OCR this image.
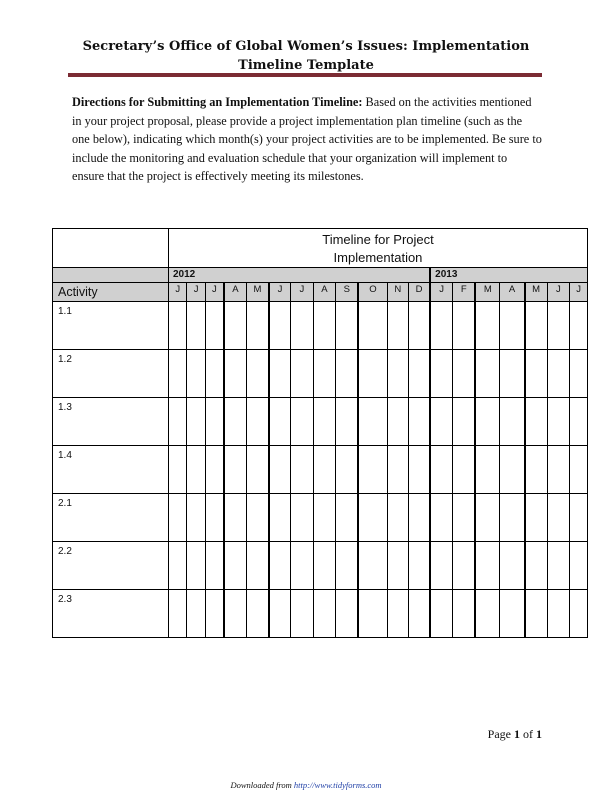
Secretary’s Office of Global Women’s Issues: Implementation
Timeline Template
Directions for Submitting an Implementation Timeline: Based on the activities mentioned in your project proposal, please provide a project implementation plan timeline (such as the one below), indicating which month(s) your project activities are to be implemented. Be sure to include the monitoring and evaluation schedule that your organization will implement to ensure that the project is effectively meeting its milestones.

	Timeline for Project
Implementation																		

	2012												2013						
Activity	J	J	J	A	M	J	J	A	S	O	N	D	J	F	M	A	M	J	J
1.1																			
1.2																			
1.3																			
1.4																			
2.1																			
2.2																			
2.3																			
Page 1 of 1
Downloaded from http://www.tidyforms.com
